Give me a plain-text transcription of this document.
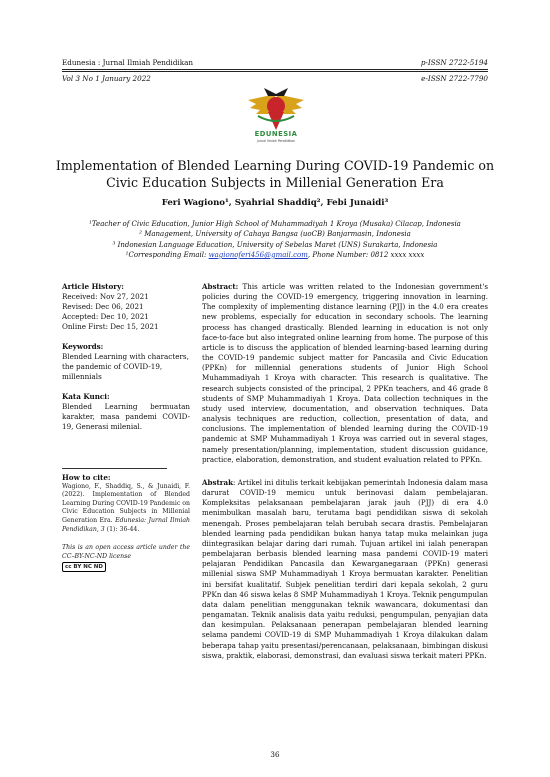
Edunesia : Jurnal Ilmiah Pendidikan	p-ISSN 2722-5194
Vol 3 No 1 January 2022	e-ISSN 2722-7790
EDUNESIA
Jurnal Ilmiah Pendidikan
Implementation of Blended Learning During COVID-19 Pandemic on Civic Education Subjects in Millenial Generation Era
Feri Wagiono¹, Syahrial Shaddiq², Febi Junaidi³
¹Teacher of Civic Education, Junior High School of Muhammadiyah 1 Kroya (Musaka) Cilacap, Indonesia
² Management, University of Cahaya Bangsa (uoCB) Banjarmasin, Indonesia
³ Indonesian Language Education, University of Sebelas Maret (UNS) Surakarta, Indonesia
¹Corresponding Email: wagionoferi456@gmail.com, Phone Number: 0812 xxxx xxxx
Article History:
Received: Nov 27, 2021
Revised: Dec 06, 2021
Accepted: Dec 10, 2021
Online First: Dec 15, 2021
Keywords:
Blended Learning with characters, the pandemic of COVID-19, millennials
Kata Kunci:
Blended Learning bermuatan karakter, masa pandemi COVID-19, Generasi milenial.
How to cite:
Wagiono, F., Shaddiq, S., & Junaidi, F. (2022). Implementation of Blended Learning During COVID-19 Pandemic on Civic Education Subjects in Millenial Generation Era. Edunesia: Jurnal Ilmiah Pendidikan, 3 (1): 36-44.
This is an open access article under the CC–BY-NC-ND license
cc BY NC ND
Abstract: This article was written related to the Indonesian government's policies during the COVID-19 emergency, triggering innovation in learning. The complexity of implementing distance learning (PJJ) in the 4.0 era creates new problems, especially for education in secondary schools. The learning process has changed drastically. Blended learning in education is not only face-to-face but also integrated online learning from home. The purpose of this article is to discuss the application of blended learning-based learning during the COVID-19 pandemic subject matter for Pancasila and Civic Education (PPKn) for millennial generations students of Junior High School Muhammadiyah 1 Kroya with character. This research is qualitative. The research subjects consisted of the principal, 2 PPKn teachers, and 46 grade 8 students of SMP Muhammadiyah 1 Kroya. Data collection techniques in the study used interview, documentation, and observation techniques. Data analysis techniques are reduction, collection, presentation of data, and conclusions. The implementation of blended learning during the COVID-19 pandemic at SMP Muhammadiyah 1 Kroya was carried out in several stages, namely presentation/planning, implementation, student discussion guidance, practice, elaboration, demonstration, and student evaluation related to PPKn.
Abstrak: Artikel ini ditulis terkait kebijakan pemerintah Indonesia dalam masa darurat COVID-19 memicu untuk berinovasi dalam pembelajaran. Kompleksitas pelaksanaan pembelajaran jarak jauh (PJJ) di era 4.0 menimbulkan masalah baru, terutama bagi pendidikan siswa di sekolah menengah. Proses pembelajaran telah berubah secara drastis. Pembelajaran blended learning pada pendidikan bukan hanya tatap muka melainkan juga diintegrasikan belajar daring dari rumah. Tujuan artikel ini ialah penerapan pembelajaran berbasis blended learning masa pandemi COVID-19 materi pelajaran Pendidikan Pancasila dan Kewarganegaraan (PPKn) generasi millenial siswa SMP Muhammadiyah 1 Kroya bermuatan karakter. Penelitian ini bersifat kualitatif. Subjek penelitian terdiri dari kepala sekolah, 2 guru PPKn dan 46 siswa kelas 8 SMP Muhammadiyah 1 Kroya. Teknik pengumpulan data dalam penelitian menggunakan teknik wawancara, dokumentasi dan pengamatan. Teknik analisis data yaitu reduksi, pengumpulan, penyajian data dan kesimpulan. Pelaksanaan penerapan pembelajaran blended learning selama pandemi COVID-19 di SMP Muhammadiyah 1 Kroya dilakukan dalam beberapa tahap yaitu presentasi/perencanaan, pelaksanaan, bimbingan diskusi siswa, praktik, elaborasi, demonstrasi, dan evaluasi siswa terkait materi PPKn.
36
